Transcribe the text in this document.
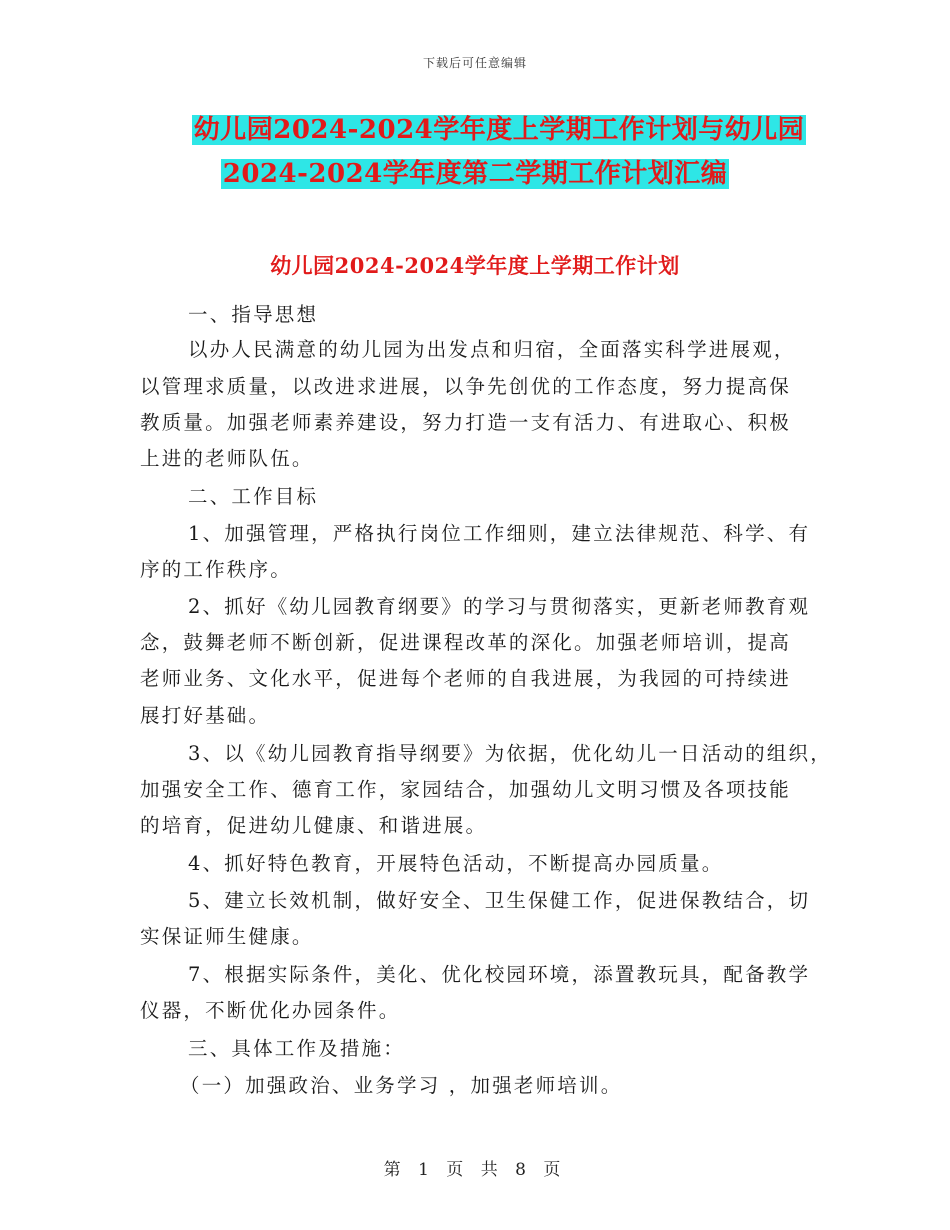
下载后可任意编辑
幼儿园2024-2024学年度上学期工作计划与幼儿园
2024-2024学年度第二学期工作计划汇编
幼儿园2024-2024学年度上学期工作计划
一、指导思想
以办人民满意的幼儿园为出发点和归宿，全面落实科学进展观，
以管理求质量，以改进求进展，以争先创优的工作态度，努力提高保
教质量。加强老师素养建设，努力打造一支有活力、有进取心、积极
上进的老师队伍。
二、工作目标
1、加强管理，严格执行岗位工作细则，建立法律规范、科学、有
序的工作秩序。
2、抓好《幼儿园教育纲要》的学习与贯彻落实，更新老师教育观
念，鼓舞老师不断创新，促进课程改革的深化。加强老师培训，提高
老师业务、文化水平，促进每个老师的自我进展，为我园的可持续进
展打好基础。
3、以《幼儿园教育指导纲要》为依据，优化幼儿一日活动的组织，
加强安全工作、德育工作，家园结合，加强幼儿文明习惯及各项技能
的培育，促进幼儿健康、和谐进展。
4、抓好特色教育，开展特色活动，不断提高办园质量。
5、建立长效机制，做好安全、卫生保健工作，促进保教结合，切
实保证师生健康。
7、根据实际条件，美化、优化校园环境，添置教玩具，配备教学
仪器，不断优化办园条件。
三、具体工作及措施：
（一）加强政治、业务学习 ，加强老师培训。
第 1 页 共 8 页
